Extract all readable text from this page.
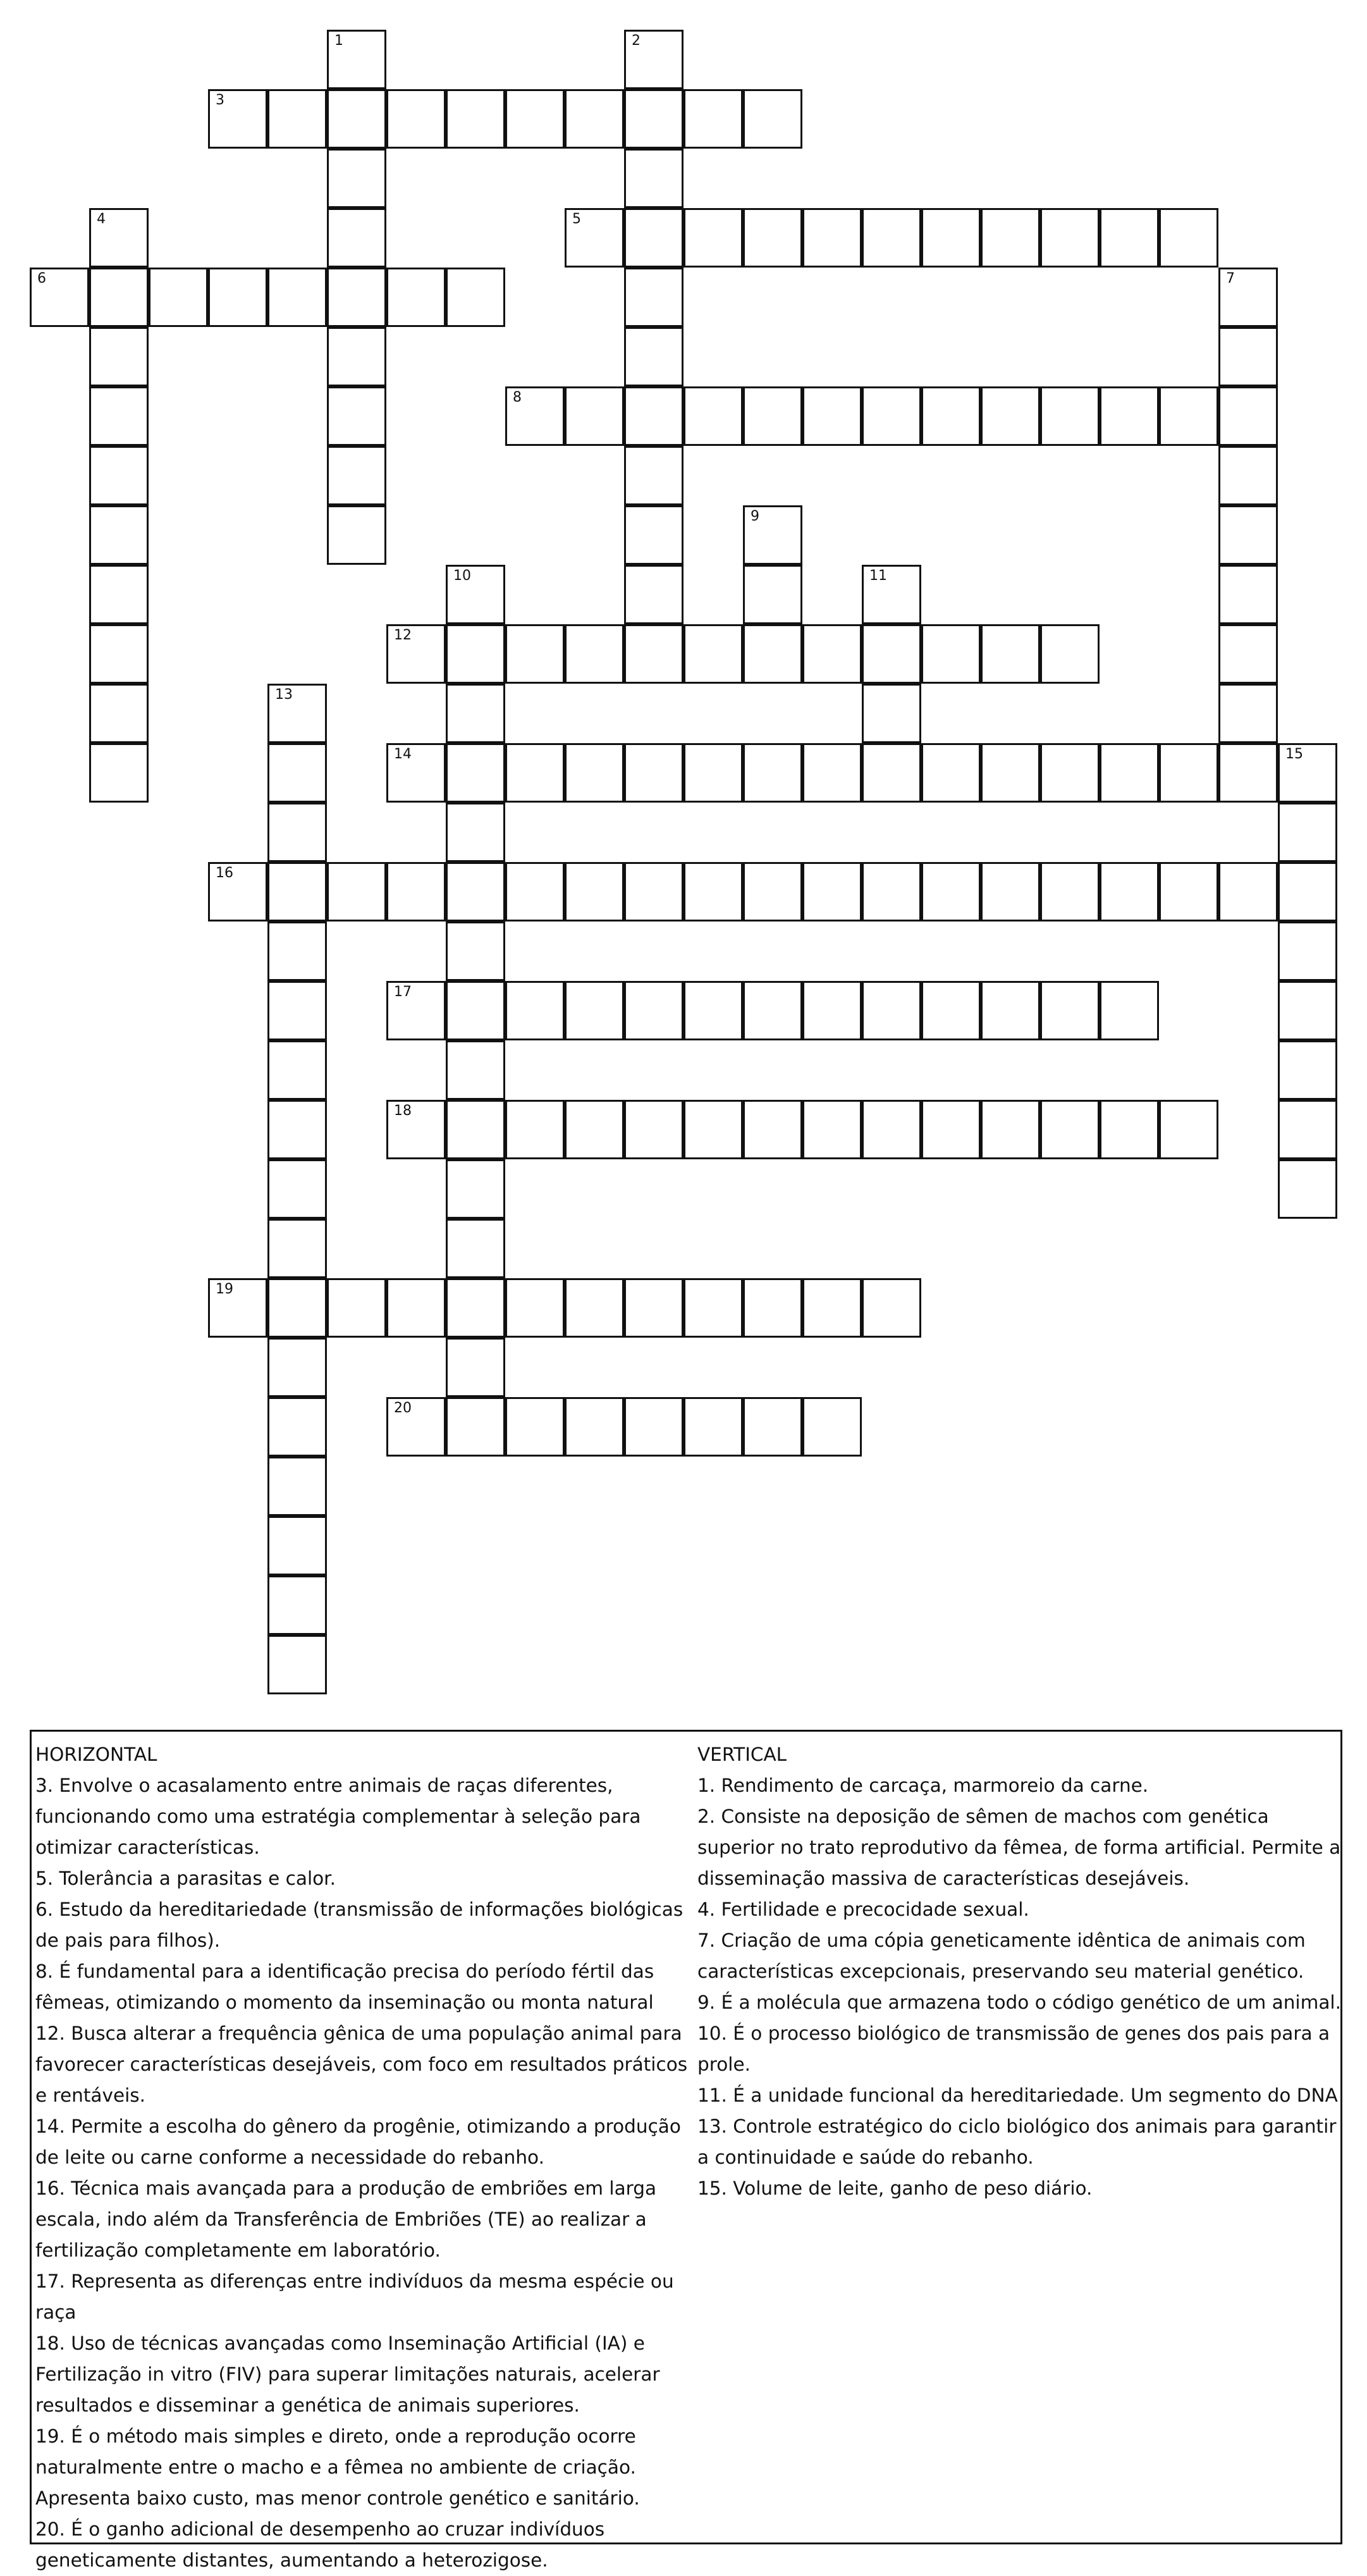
3
5
6
8
12
14
16
17
18
19
20
1	2
4
7
9
10	11
13
15

HORIZONTAL

3. Envolve o acasalamento entre animais de raças diferentes, funcionando como uma estratégia complementar à seleção para otimizar características.

5. Tolerância a parasitas e calor.

6. Estudo da hereditariedade (transmissão de informações biológicas de pais para filhos).

8. É fundamental para a identificação precisa do período fértil das fêmeas, otimizando o momento da inseminação ou monta natural

12. Busca alterar a frequência gênica de uma população animal para favorecer características desejáveis, com foco em resultados práticos e rentáveis.

14. Permite a escolha do gênero da progênie, otimizando a produção de leite ou carne conforme a necessidade do rebanho.

16. Técnica mais avançada para a produção de embriões em larga escala, indo além da Transferência de Embriões (TE) ao realizar a fertilização completamente em laboratório.

17. Representa as diferenças entre indivíduos da mesma espécie ou raça

18. Uso de técnicas avançadas como Inseminação Artificial (IA) e Fertilização in vitro (FIV) para superar limitações naturais, acelerar resultados e disseminar a genética de animais superiores.

19. É o método mais simples e direto, onde a reprodução ocorre naturalmente entre o macho e a fêmea no ambiente de criação. Apresenta baixo custo, mas menor controle genético e sanitário.

20. É o ganho adicional de desempenho ao cruzar indivíduos geneticamente distantes, aumentando a heterozigose.

VERTICAL

1. Rendimento de carcaça, marmoreio da carne.

2. Consiste na deposição de sêmen de machos com genética superior no trato reprodutivo da fêmea, de forma artificial. Permite a disseminação massiva de características desejáveis.

4. Fertilidade e precocidade sexual.

7. Criação de uma cópia geneticamente idêntica de animais com características excepcionais, preservando seu material genético.

9. É a molécula que armazena todo o código genético de um animal.

10. É o processo biológico de transmissão de genes dos pais para a prole.

11. É a unidade funcional da hereditariedade. Um segmento do DNA

13. Controle estratégico do ciclo biológico dos animais para garantir a continuidade e saúde do rebanho.

15. Volume de leite, ganho de peso diário.
